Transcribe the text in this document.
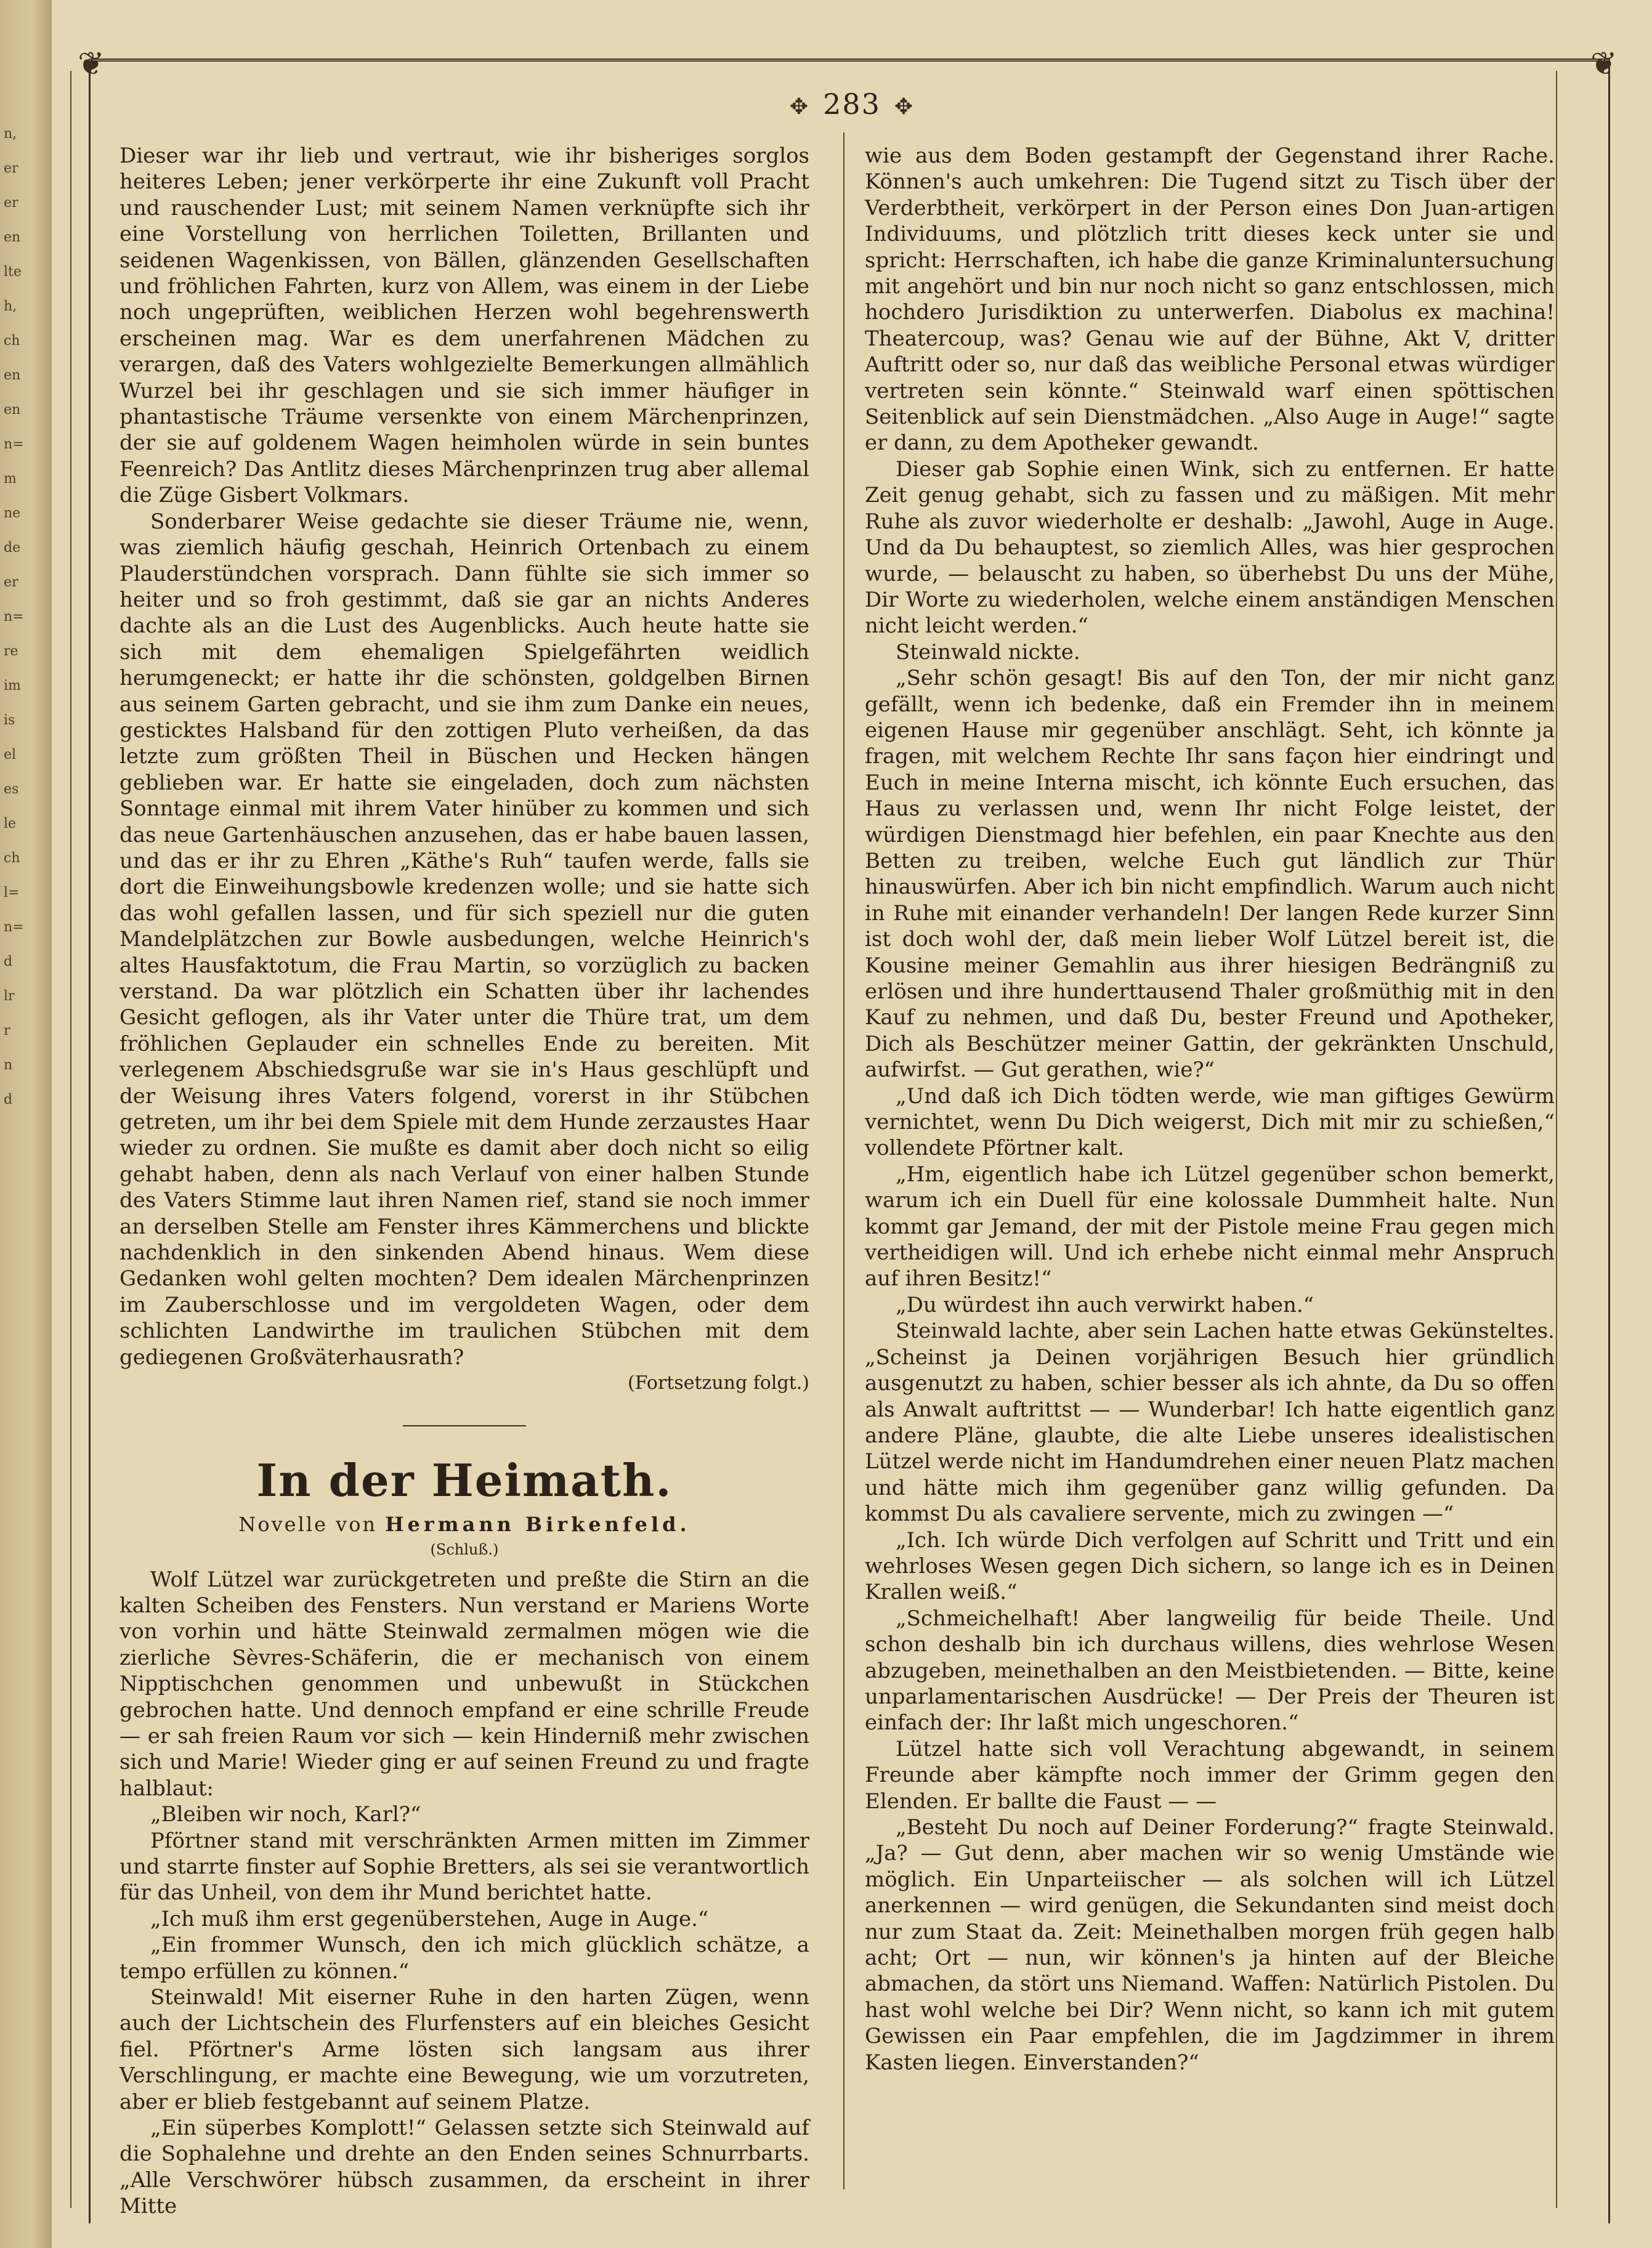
n,
er
er
en
lte
h,
ch
en
en
n=
m
ne
de
er
n=
re
im
is
el
es
le
ch
l=
n=
d
lr
r
n
d
❦	❦
✥ 283 ✥

Dieser war ihr lieb und vertraut, wie ihr bisheriges sorglos heiteres Leben; jener verkörperte ihr eine Zukunft voll Pracht und rauschender Lust; mit seinem Namen verknüpfte sich ihr eine Vorstellung von herrlichen Toiletten, Brillanten und seidenen Wagenkissen, von Bällen, glänzenden Gesellschaften und fröhlichen Fahrten, kurz von Allem, was einem in der Liebe noch ungeprüften, weiblichen Herzen wohl begehrenswerth erscheinen mag. War es dem unerfahrenen Mädchen zu verargen, daß des Vaters wohlgezielte Bemerkungen allmählich Wurzel bei ihr geschlagen und sie sich immer häufiger in phantastische Träume versenkte von einem Märchenprinzen, der sie auf goldenem Wagen heimholen würde in sein buntes Feenreich? Das Antlitz dieses Märchenprinzen trug aber allemal die Züge Gisbert Volkmars.

Sonderbarer Weise gedachte sie dieser Träume nie, wenn, was ziemlich häufig geschah, Heinrich Ortenbach zu einem Plauderstündchen vorsprach. Dann fühlte sie sich immer so heiter und so froh gestimmt, daß sie gar an nichts Anderes dachte als an die Lust des Augenblicks. Auch heute hatte sie sich mit dem ehemaligen Spielgefährten weidlich herumgeneckt; er hatte ihr die schönsten, goldgelben Birnen aus seinem Garten gebracht, und sie ihm zum Danke ein neues, gesticktes Halsband für den zottigen Pluto verheißen, da das letzte zum größten Theil in Büschen und Hecken hängen geblieben war. Er hatte sie eingeladen, doch zum nächsten Sonntage einmal mit ihrem Vater hinüber zu kommen und sich das neue Gartenhäuschen anzusehen, das er habe bauen lassen, und das er ihr zu Ehren „Käthe's Ruh“ taufen werde, falls sie dort die Einweihungsbowle kredenzen wolle; und sie hatte sich das wohl gefallen lassen, und für sich speziell nur die guten Mandelplätzchen zur Bowle ausbedungen, welche Heinrich's altes Hausfaktotum, die Frau Martin, so vorzüglich zu backen verstand. Da war plötzlich ein Schatten über ihr lachendes Gesicht geflogen, als ihr Vater unter die Thüre trat, um dem fröhlichen Geplauder ein schnelles Ende zu bereiten. Mit verlegenem Abschiedsgruße war sie in's Haus geschlüpft und der Weisung ihres Vaters folgend, vorerst in ihr Stübchen getreten, um ihr bei dem Spiele mit dem Hunde zerzaustes Haar wieder zu ordnen. Sie mußte es damit aber doch nicht so eilig gehabt haben, denn als nach Verlauf von einer halben Stunde des Vaters Stimme laut ihren Namen rief, stand sie noch immer an derselben Stelle am Fenster ihres Kämmerchens und blickte nachdenklich in den sinkenden Abend hinaus. Wem diese Gedanken wohl gelten mochten? Dem idealen Märchenprinzen im Zauberschlosse und im vergoldeten Wagen, oder dem schlichten Landwirthe im traulichen Stübchen mit dem gediegenen Großväterhausrath?

(Fortsetzung folgt.)
In der Heimath.
Novelle von Hermann Birkenfeld.
(Schluß.)

Wolf Lützel war zurückgetreten und preßte die Stirn an die kalten Scheiben des Fensters. Nun verstand er Mariens Worte von vorhin und hätte Steinwald zermalmen mögen wie die zierliche Sèvres-Schäferin, die er mechanisch von einem Nipptischchen genommen und unbewußt in Stückchen gebrochen hatte. Und dennoch empfand er eine schrille Freude — er sah freien Raum vor sich — kein Hinderniß mehr zwischen sich und Marie! Wieder ging er auf seinen Freund zu und fragte halblaut:

„Bleiben wir noch, Karl?“

Pförtner stand mit verschränkten Armen mitten im Zimmer und starrte finster auf Sophie Bretters, als sei sie verantwortlich für das Unheil, von dem ihr Mund berichtet hatte.

„Ich muß ihm erst gegenüberstehen, Auge in Auge.“

„Ein frommer Wunsch, den ich mich glücklich schätze, a tempo erfüllen zu können.“

Steinwald! Mit eiserner Ruhe in den harten Zügen, wenn auch der Lichtschein des Flurfensters auf ein bleiches Gesicht fiel. Pförtner's Arme lösten sich langsam aus ihrer Verschlingung, er machte eine Bewegung, wie um vorzutreten, aber er blieb festgebannt auf seinem Platze.

„Ein süperbes Komplott!“ Gelassen setzte sich Steinwald auf die Sophalehne und drehte an den Enden seines Schnurrbarts. „Alle Verschwörer hübsch zusammen, da erscheint in ihrer Mitte

wie aus dem Boden gestampft der Gegenstand ihrer Rache. Können's auch umkehren: Die Tugend sitzt zu Tisch über der Verderbtheit, verkörpert in der Person eines Don Juan-artigen Individuums, und plötzlich tritt dieses keck unter sie und spricht: Herrschaften, ich habe die ganze Kriminaluntersuchung mit angehört und bin nur noch nicht so ganz entschlossen, mich hochdero Jurisdiktion zu unterwerfen. Diabolus ex machina! Theatercoup, was? Genau wie auf der Bühne, Akt V, dritter Auftritt oder so, nur daß das weibliche Personal etwas würdiger vertreten sein könnte.“ Steinwald warf einen spöttischen Seitenblick auf sein Dienstmädchen. „Also Auge in Auge!“ sagte er dann, zu dem Apotheker gewandt.

Dieser gab Sophie einen Wink, sich zu entfernen. Er hatte Zeit genug gehabt, sich zu fassen und zu mäßigen. Mit mehr Ruhe als zuvor wiederholte er deshalb: „Jawohl, Auge in Auge. Und da Du behauptest, so ziemlich Alles, was hier gesprochen wurde, — belauscht zu haben, so überhebst Du uns der Mühe, Dir Worte zu wiederholen, welche einem anständigen Menschen nicht leicht werden.“

Steinwald nickte.

„Sehr schön gesagt! Bis auf den Ton, der mir nicht ganz gefällt, wenn ich bedenke, daß ein Fremder ihn in meinem eigenen Hause mir gegenüber anschlägt. Seht, ich könnte ja fragen, mit welchem Rechte Ihr sans façon hier eindringt und Euch in meine Interna mischt, ich könnte Euch ersuchen, das Haus zu verlassen und, wenn Ihr nicht Folge leistet, der würdigen Dienstmagd hier befehlen, ein paar Knechte aus den Betten zu treiben, welche Euch gut ländlich zur Thür hinauswürfen. Aber ich bin nicht empfindlich. Warum auch nicht in Ruhe mit einander verhandeln! Der langen Rede kurzer Sinn ist doch wohl der, daß mein lieber Wolf Lützel bereit ist, die Kousine meiner Gemahlin aus ihrer hiesigen Bedrängniß zu erlösen und ihre hunderttausend Thaler großmüthig mit in den Kauf zu nehmen, und daß Du, bester Freund und Apotheker, Dich als Beschützer meiner Gattin, der gekränkten Unschuld, aufwirfst. — Gut gerathen, wie?“

„Und daß ich Dich tödten werde, wie man giftiges Gewürm vernichtet, wenn Du Dich weigerst, Dich mit mir zu schießen,“ vollendete Pförtner kalt.

„Hm, eigentlich habe ich Lützel gegenüber schon bemerkt, warum ich ein Duell für eine kolossale Dummheit halte. Nun kommt gar Jemand, der mit der Pistole meine Frau gegen mich vertheidigen will. Und ich erhebe nicht einmal mehr Anspruch auf ihren Besitz!“

„Du würdest ihn auch verwirkt haben.“

Steinwald lachte, aber sein Lachen hatte etwas Gekünsteltes. „Scheinst ja Deinen vorjährigen Besuch hier gründlich ausgenutzt zu haben, schier besser als ich ahnte, da Du so offen als Anwalt auftrittst — — Wunderbar! Ich hatte eigentlich ganz andere Pläne, glaubte, die alte Liebe unseres idealistischen Lützel werde nicht im Handumdrehen einer neuen Platz machen und hätte mich ihm gegenüber ganz willig gefunden. Da kommst Du als cavaliere servente, mich zu zwingen —“

„Ich. Ich würde Dich verfolgen auf Schritt und Tritt und ein wehrloses Wesen gegen Dich sichern, so lange ich es in Deinen Krallen weiß.“

„Schmeichelhaft! Aber langweilig für beide Theile. Und schon deshalb bin ich durchaus willens, dies wehrlose Wesen abzugeben, meinethalben an den Meistbietenden. — Bitte, keine unparlamentarischen Ausdrücke! — Der Preis der Theuren ist einfach der: Ihr laßt mich ungeschoren.“

Lützel hatte sich voll Verachtung abgewandt, in seinem Freunde aber kämpfte noch immer der Grimm gegen den Elenden. Er ballte die Faust — —

„Besteht Du noch auf Deiner Forderung?“ fragte Steinwald. „Ja? — Gut denn, aber machen wir so wenig Umstände wie möglich. Ein Unparteiischer — als solchen will ich Lützel anerkennen — wird genügen, die Sekundanten sind meist doch nur zum Staat da. Zeit: Meinethalben morgen früh gegen halb acht; Ort — nun, wir können's ja hinten auf der Bleiche abmachen, da stört uns Niemand. Waffen: Natürlich Pistolen. Du hast wohl welche bei Dir? Wenn nicht, so kann ich mit gutem Gewissen ein Paar empfehlen, die im Jagdzimmer in ihrem Kasten liegen. Einverstanden?“
